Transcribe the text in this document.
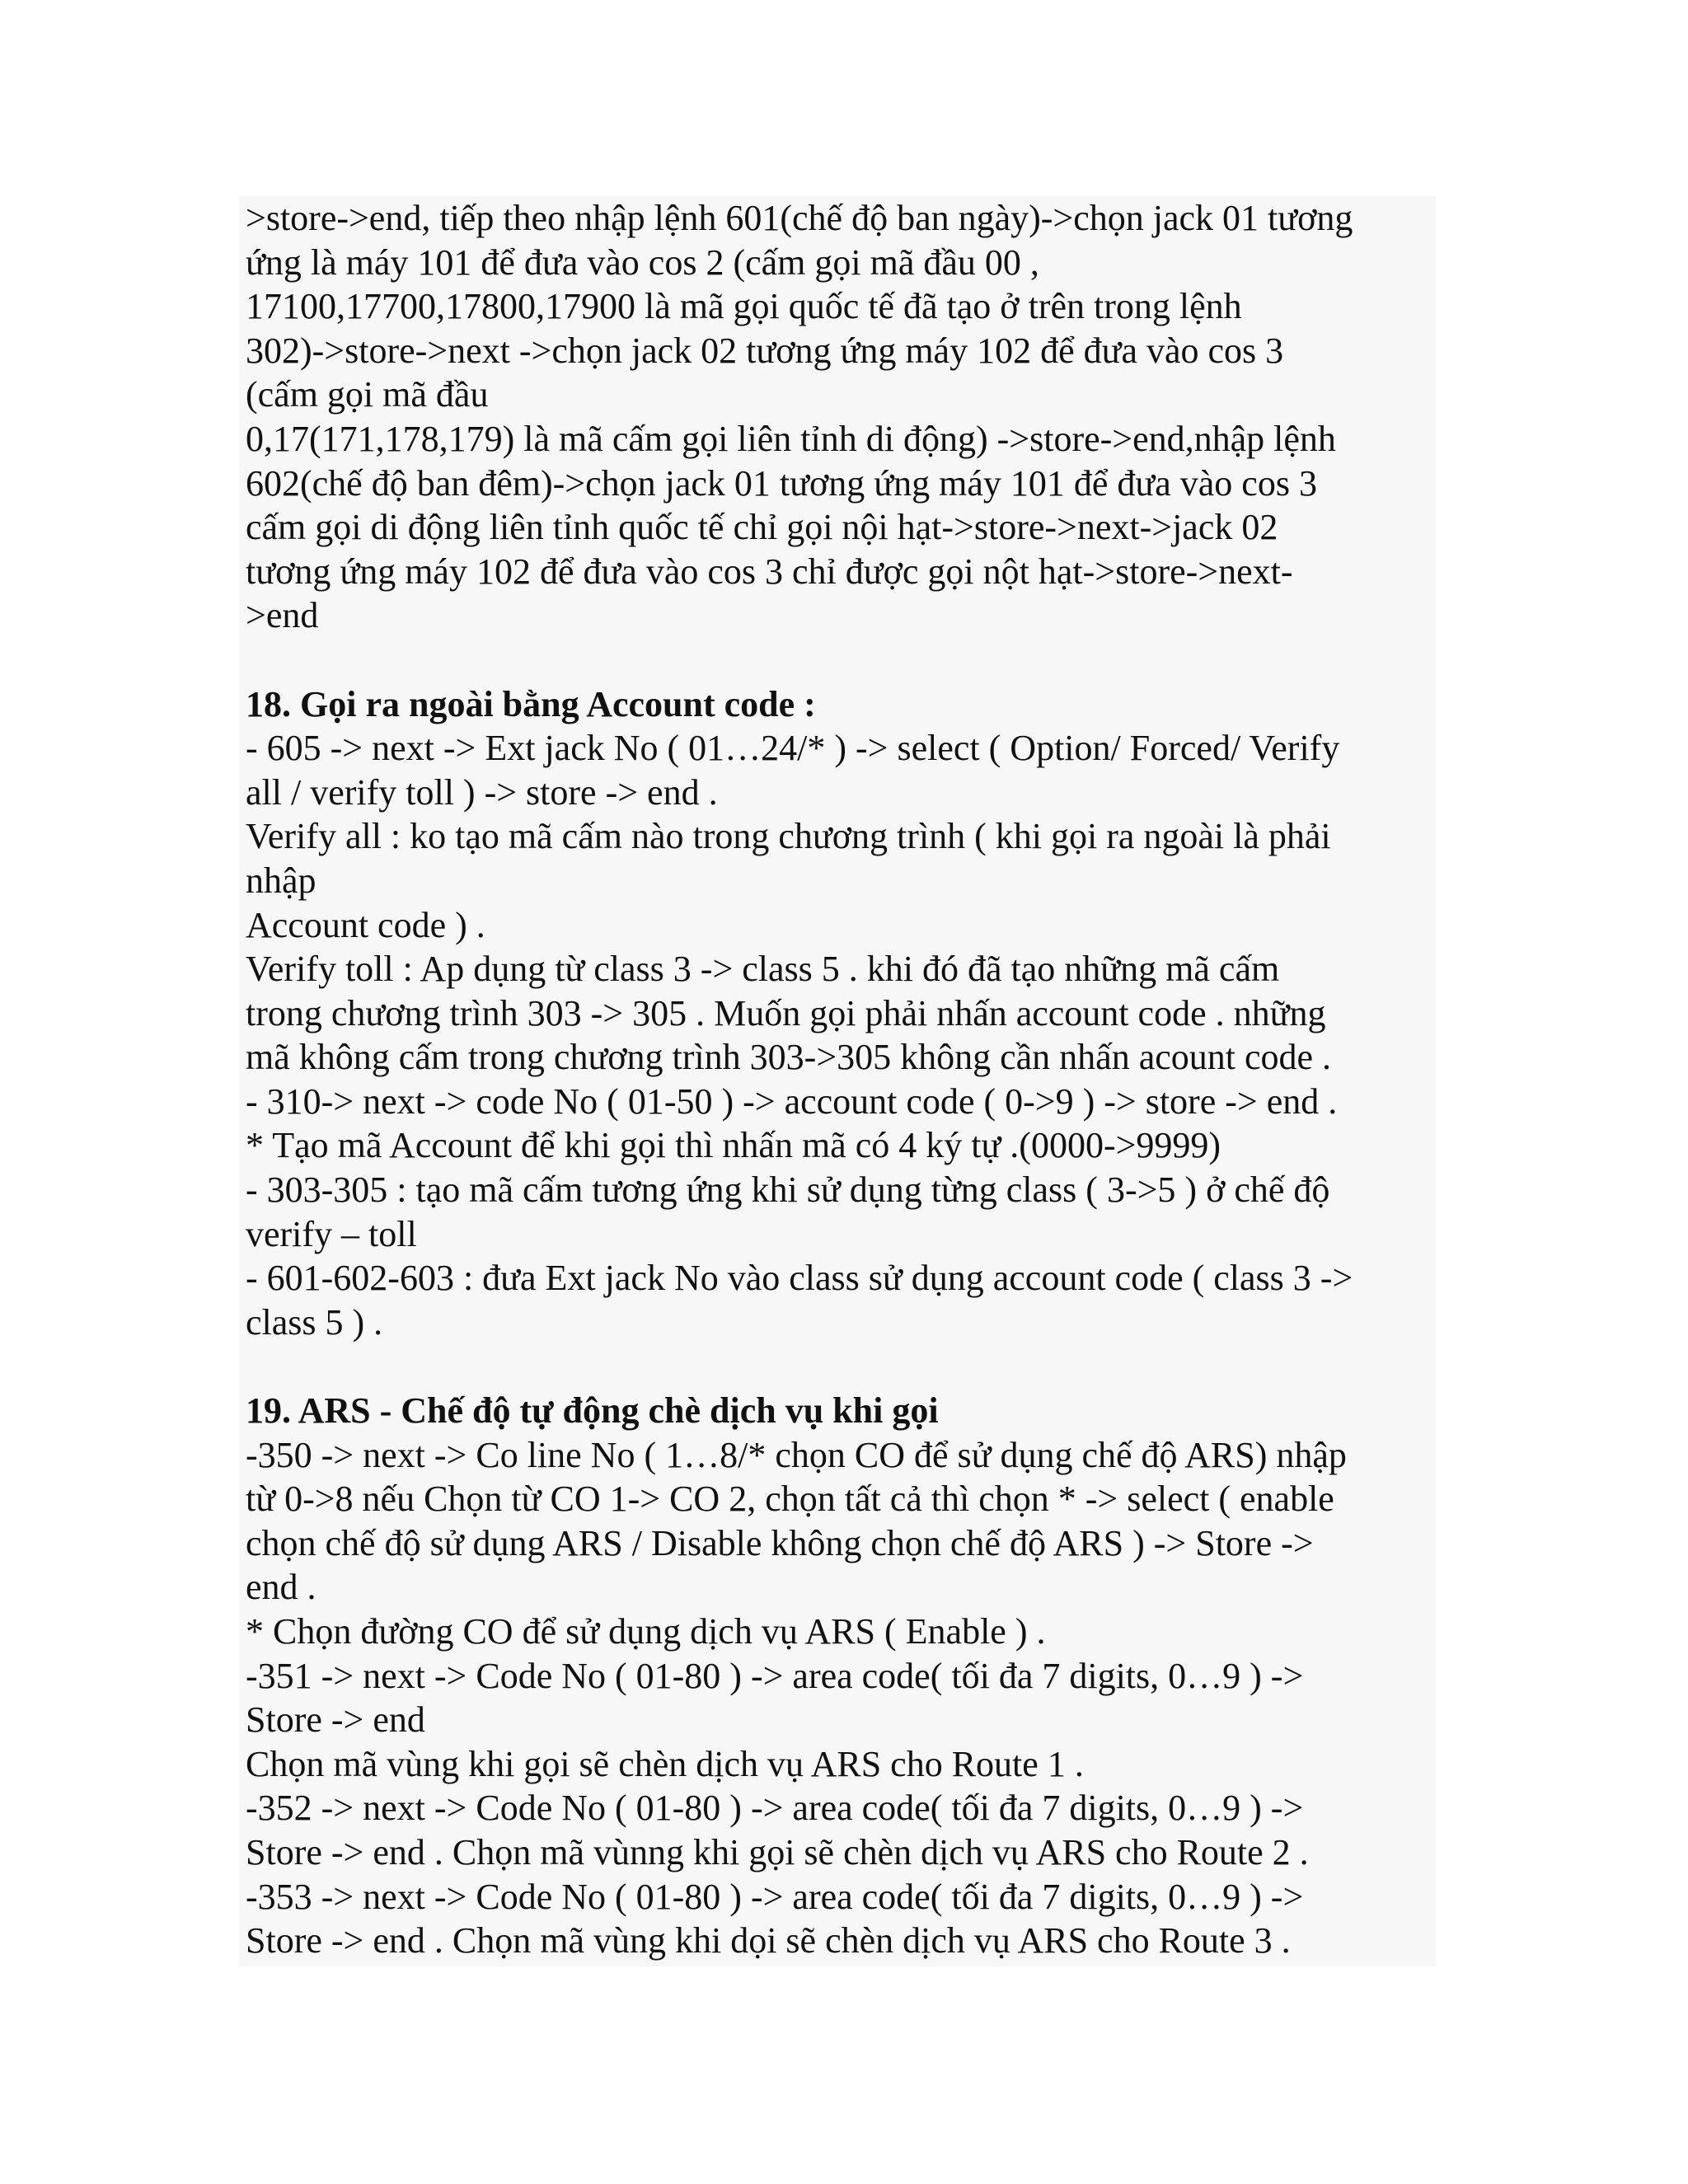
>store->end, tiếp theo nhập lệnh 601(chế độ ban ngày)->chọn jack 01 tương
ứng là máy 101 để đưa vào cos 2 (cấm gọi mã đầu 00 ,
17100,17700,17800,17900 là mã gọi quốc tế đã tạo ở trên trong lệnh
302)->store->next ->chọn jack 02 tương ứng máy 102 để đưa vào cos 3
(cấm gọi mã đầu
0,17(171,178,179) là mã cấm gọi liên tỉnh di động) ->store->end,nhập lệnh
602(chế độ ban đêm)->chọn jack 01 tương ứng máy 101 để đưa vào cos 3
cấm gọi di động liên tỉnh quốc tế chỉ gọi nội hạt->store->next->jack 02
tương ứng máy 102 để đưa vào cos 3 chỉ được gọi nột hạt->store->next-
>end
18. Gọi ra ngoài bằng Account code :
- 605 -> next -> Ext jack No ( 01…24/* ) -> select ( Option/ Forced/ Verify
all / verify toll ) -> store -> end .
Verify all : ko tạo mã cấm nào trong chương trình ( khi gọi ra ngoài là phải
nhập
Account code ) .
Verify toll : Ap dụng từ class 3 -> class 5 . khi đó đã tạo những mã cấm
trong chương trình 303 -> 305 . Muốn gọi phải nhấn account code . những
mã không cấm trong chương trình 303->305 không cần nhấn acount code .
- 310-> next -> code No ( 01-50 ) -> account code ( 0->9 ) -> store -> end .
* Tạo mã Account để khi gọi thì nhấn mã có 4 ký tự .(0000->9999)
- 303-305 : tạo mã cấm tương ứng khi sử dụng từng class ( 3->5 ) ở chế độ
verify – toll
- 601-602-603 : đưa Ext jack No vào class sử dụng account code ( class 3 ->
class 5 ) .
19. ARS - Chế độ tự động chè dịch vụ khi gọi
-350 -> next -> Co line No ( 1…8/* chọn CO để sử dụng chế độ ARS) nhập
từ 0->8 nếu Chọn từ CO 1-> CO 2, chọn tất cả thì chọn * -> select ( enable
chọn chế độ sử dụng ARS / Disable không chọn chế độ ARS ) -> Store ->
end .
* Chọn đường CO để sử dụng dịch vụ ARS ( Enable ) .
-351 -> next -> Code No ( 01-80 ) -> area code( tối đa 7 digits, 0…9 ) ->
Store -> end
Chọn mã vùng khi gọi sẽ chèn dịch vụ ARS cho Route 1 .
-352 -> next -> Code No ( 01-80 ) -> area code( tối đa 7 digits, 0…9 ) ->
Store -> end . Chọn mã vùnng khi gọi sẽ chèn dịch vụ ARS cho Route 2 .
-353 -> next -> Code No ( 01-80 ) -> area code( tối đa 7 digits, 0…9 ) ->
Store -> end . Chọn mã vùng khi dọi sẽ chèn dịch vụ ARS cho Route 3 .
